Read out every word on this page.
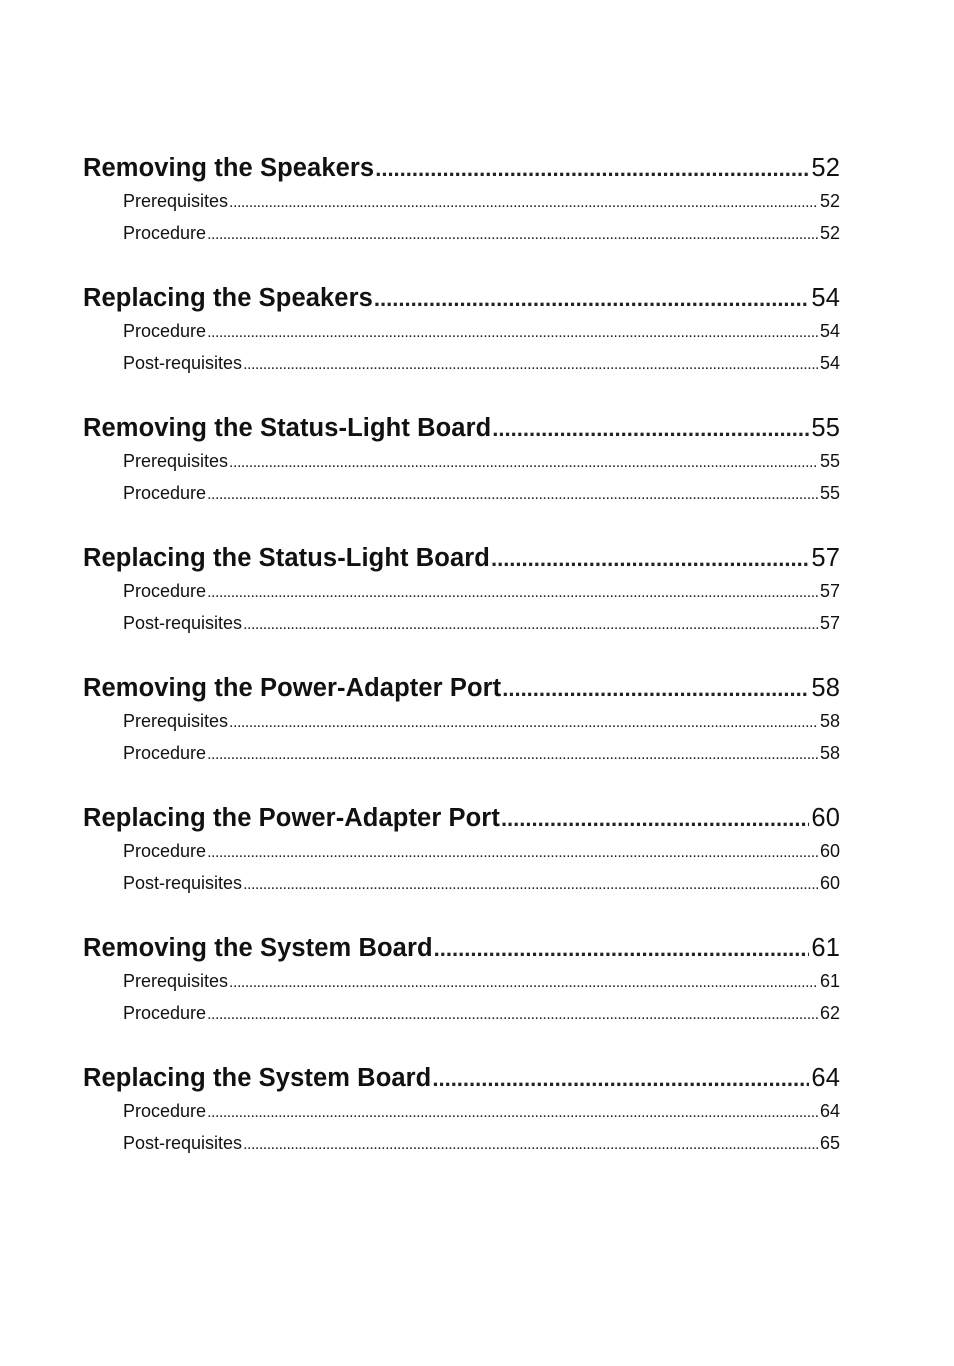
Removing the Speakers .....	52
Prerequisites .....	52
Procedure .....	52
Replacing the Speakers .....	54
Procedure .....	54
Post-requisites .....	54
Removing the Status-Light Board .....	55
Prerequisites .....	55
Procedure .....	55
Replacing the Status-Light Board .....	57
Procedure .....	57
Post-requisites .....	57
Removing the Power-Adapter Port .....	58
Prerequisites .....	58
Procedure .....	58
Replacing the Power-Adapter Port .....	60
Procedure .....	60
Post-requisites .....	60
Removing the System Board .....	61
Prerequisites .....	61
Procedure .....	62
Replacing the System Board .....	64
Procedure .....	64
Post-requisites .....	65
